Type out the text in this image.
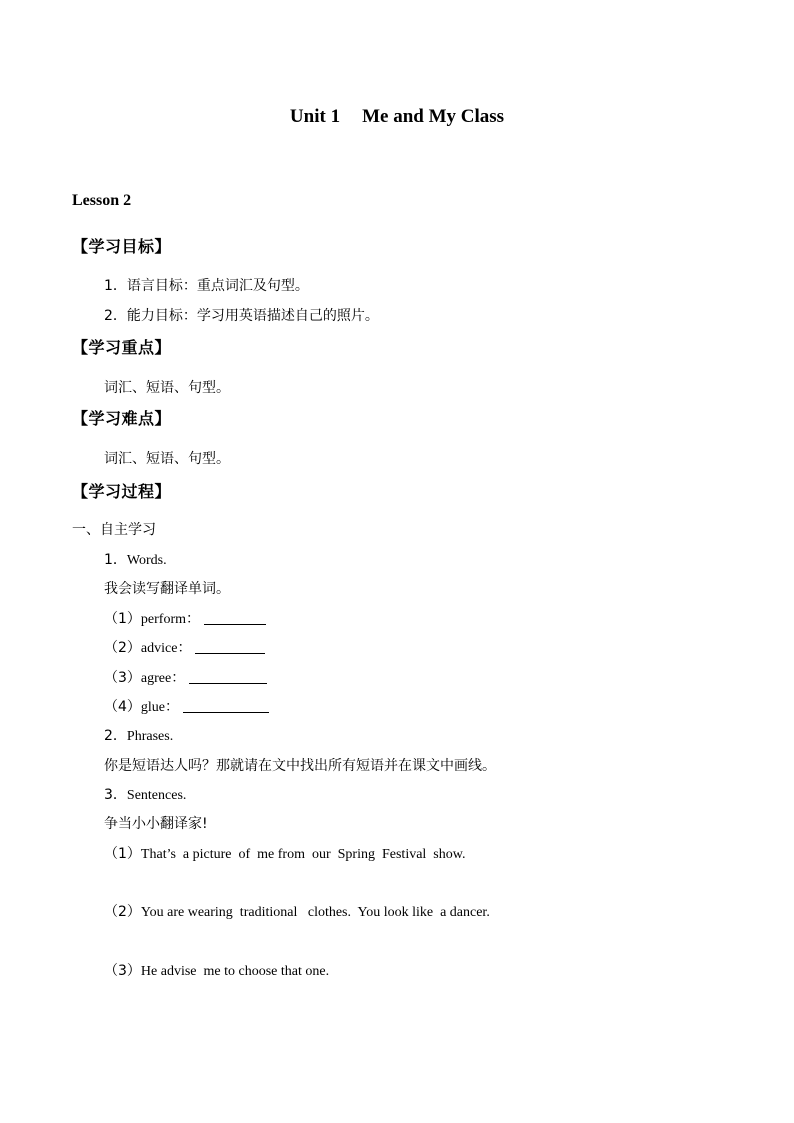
Unit 1 Me and My Class
Lesson 2
【学习目标】
1．语言目标：重点词汇及句型。
2．能力目标：学习用英语描述自己的照片。
【学习重点】
词汇、短语、句型。
【学习难点】
词汇、短语、句型。
【学习过程】
一、自主学习
1．Words.
我会读写翻译单词。
（1）perform：
（2）advice：
（3）agree：
（4）glue：
2．Phrases.
你是短语达人吗？那就请在文中找出所有短语并在课文中画线。
3．Sentences.
争当小小翻译家!
（1）That’s  a picture  of  me from  our  Spring  Festival  show.
（2）You are wearing  traditional   clothes.  You look like  a dancer.
（3）He advise  me to choose that one.
